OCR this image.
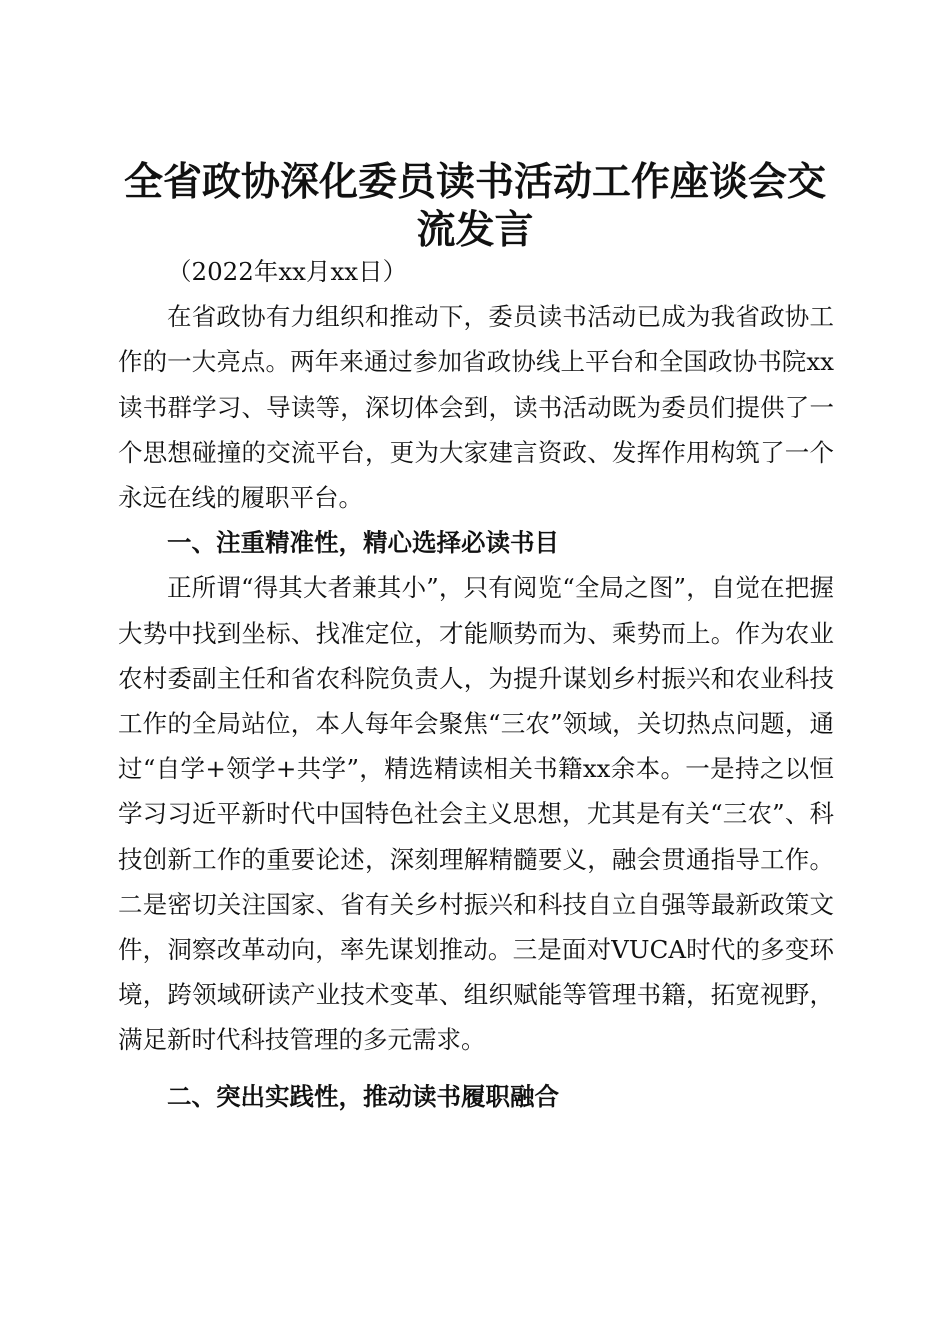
全省政协深化委员读书活动工作座谈会交流发言

（2022年xx月xx日）

在省政协有力组织和推动下，委员读书活动已成为我省政协工作的一大亮点。两年来通过参加省政协线上平台和全国政协书院xx读书群学习、导读等，深切体会到，读书活动既为委员们提供了一个思想碰撞的交流平台，更为大家建言资政、发挥作用构筑了一个永远在线的履职平台。

一、注重精准性，精心选择必读书目

正所谓“得其大者兼其小”，只有阅览“全局之图”，自觉在把握大势中找到坐标、找准定位，才能顺势而为、乘势而上。作为农业农村委副主任和省农科院负责人，为提升谋划乡村振兴和农业科技工作的全局站位，本人每年会聚焦“三农”领域，关切热点问题，通过“自学+领学+共学”，精选精读相关书籍xx余本。一是持之以恒学习习近平新时代中国特色社会主义思想，尤其是有关“三农”、科技创新工作的重要论述，深刻理解精髓要义，融会贯通指导工作。二是密切关注国家、省有关乡村振兴和科技自立自强等最新政策文件，洞察改革动向，率先谋划推动。三是面对VUCA时代的多变环境，跨领域研读产业技术变革、组织赋能等管理书籍，拓宽视野，满足新时代科技管理的多元需求。

二、突出实践性，推动读书履职融合
